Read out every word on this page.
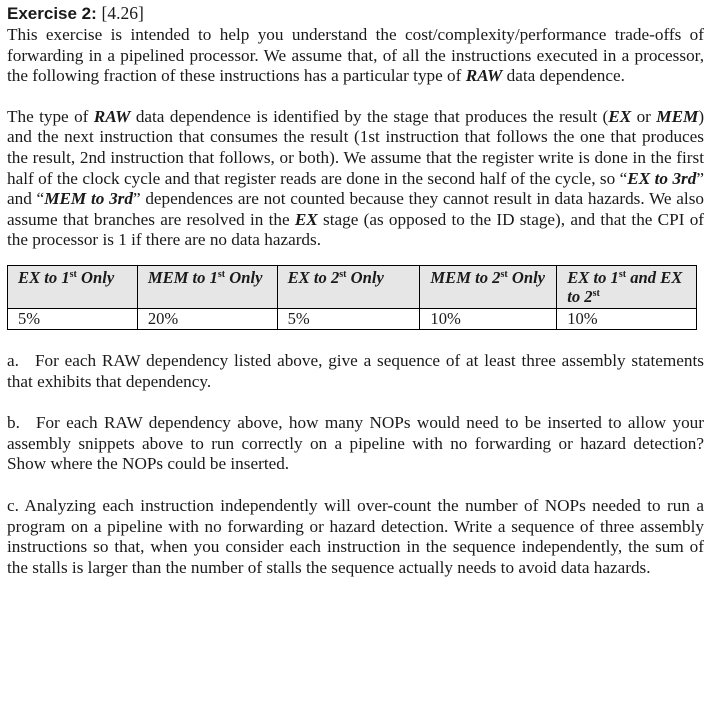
Exercise 2: [4.26]

This exercise is intended to help you understand the cost/complexity/performance trade-offs of forwarding in a pipelined processor. We assume that, of all the instructions executed in a processor, the following fraction of these instructions has a particular type of RAW data dependence.

The type of RAW data dependence is identified by the stage that produces the result (EX or MEM) and the next instruction that consumes the result (1st instruction that follows the one that produces the result, 2nd instruction that follows, or both). We assume that the register write is done in the first half of the clock cycle and that register reads are done in the second half of the cycle, so “EX to 3rd” and “MEM to 3rd” dependences are not counted because they cannot result in data hazards. We also assume that branches are resolved in the EX stage (as opposed to the ID stage), and that the CPI of the processor is 1 if there are no data hazards.

EX to 1st Only	MEM to 1st Only	EX to 2st Only	MEM to 2st Only	EX to 1st and EX to 2st
5%	20%	5%	10%	10%

a. For each RAW dependency listed above, give a sequence of at least three assembly statements that exhibits that dependency.

b. For each RAW dependency above, how many NOPs would need to be inserted to allow your assembly snippets above to run correctly on a pipeline with no forwarding or hazard detection? Show where the NOPs could be inserted.

c. Analyzing each instruction independently will over-count the number of NOPs needed to run a program on a pipeline with no forwarding or hazard detection. Write a sequence of three assembly instructions so that, when you consider each instruction in the sequence independently, the sum of the stalls is larger than the number of stalls the sequence actually needs to avoid data hazards.
